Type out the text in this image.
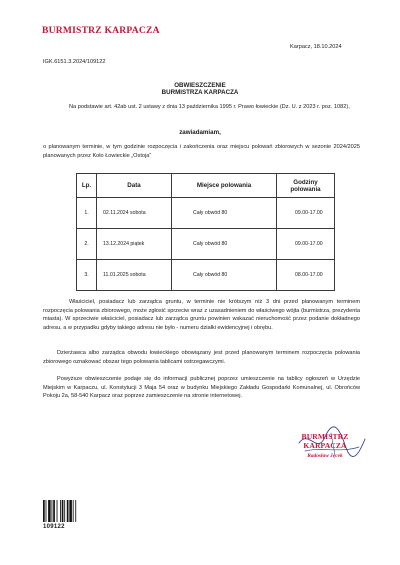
BURMISTRZ KARPACZA
Karpacz, 18.10.2024
IGK.6151.3.2024/109122
OBWIESZCZENIE
BURMISTRZA KARPACZA
Na podstawie art. 42ab ust. 2 ustawy z dnia 13 października 1995 r. Prawo łowieckie (Dz. U. z 2023 r. poz. 1082),
zawiadamiam,
o planowanym terminie, w tym godzinie rozpoczęcia i zakończenia oraz miejscu polowań zbiorowych w sezonie 2024/2025 planowanych przez Koło Łowieckie „Ostoja”
Lp.	Data	Miejsce polowania	Godziny polowania
1.	02.11.2024 sobota	Cały obwód 80	09.00-17.00
2.	13.12.2024 piątek	Cały obwód 80	09.00-17.00
3.	11.01.2025 sobota	Cały obwód 80	08.00-17.00
Właściciel, posiadacz lub zarządca gruntu, w terminie nie krótszym niż 3 dni przed planowanym terminem rozpoczęcia polowania zbiorowego, może zgłosić sprzeciw wraz z uzasadnieniem do właściwego wójta (burmistrza, prezydenta miasta). W sprzeciwie właściciel, posiadacz lub zarządca gruntu powinien wskazać nieruchomość przez podanie dokładnego adresu, a w przypadku gdyby takiego adresu nie było - numeru działki ewidencyjnej i obrębu.
Dzierżawca albo zarządca obwodu łowieckiego obowiązany jest przed planowanym terminem rozpoczęcia polowania zbiorowego oznakować obszar tego polowania tablicami ostrzegawczymi.
Powyższe obwieszczenie podaje się do informacji publicznej poprzez umieszczenie na tablicy ogłoszeń w Urzędzie Miejskim w Karpaczu, ul. Konstytucji 3 Maja 54 oraz w budynku Miejskiego Zakładu Gospodarki Komunalnej, ul. Obrońców Pokoju 2a, 58-540 Karpacz oraz poprzez zamieszczenie na stronie internetowej.
BURMISTRZ KARPACZA
Radosław Jęcek
109122
